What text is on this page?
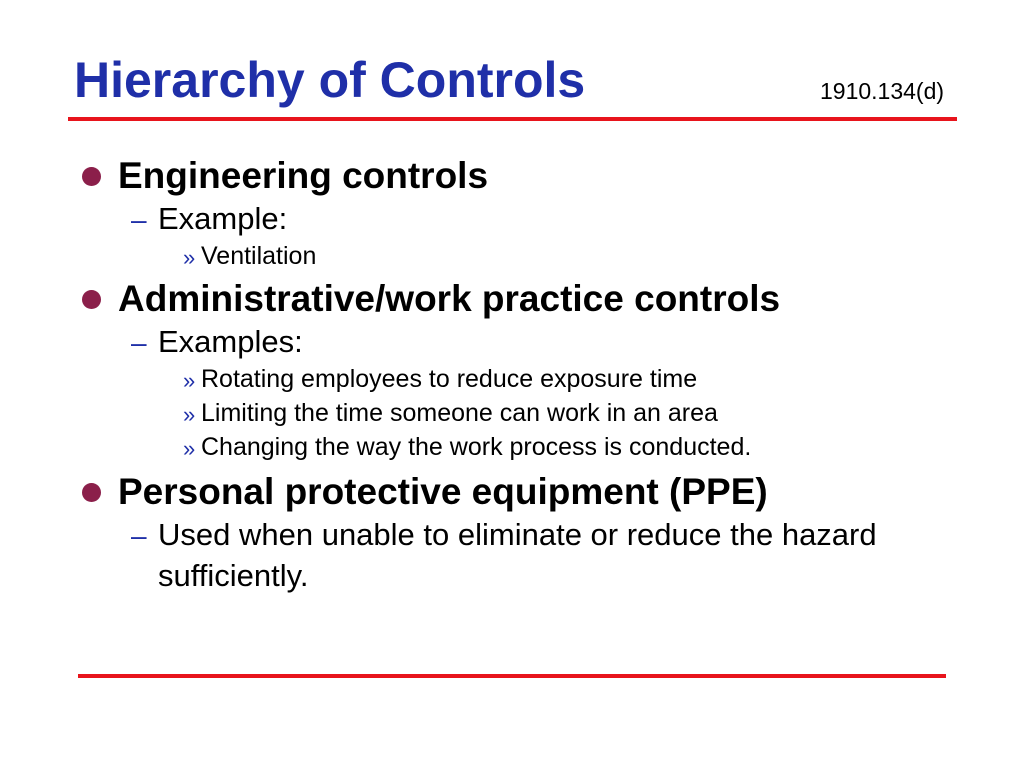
Hierarchy of Controls	1910.134(d)
Engineering controls
– Example:
» Ventilation
Administrative/work practice controls
– Examples:
» Rotating employees to reduce exposure time
» Limiting the time someone can work in an area
» Changing the way the work process is conducted.
Personal protective equipment (PPE)
– Used when unable to eliminate or reduce the hazard sufficiently.
